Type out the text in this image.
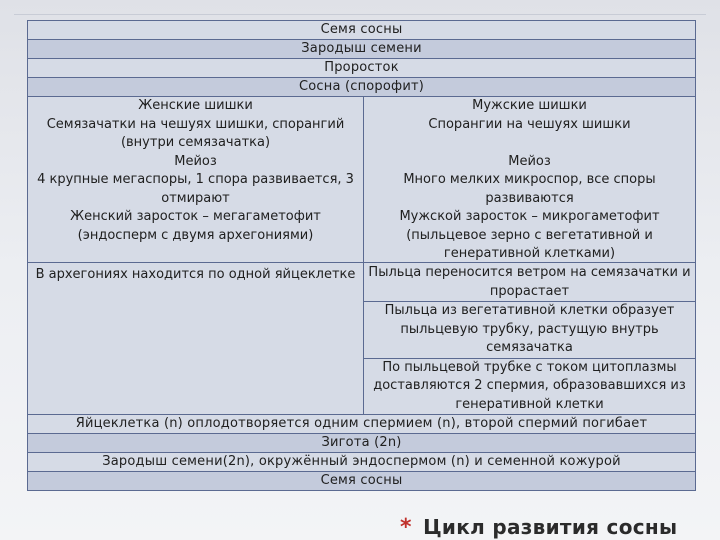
Семя сосны
Зародыш семени
Проросток
Сосна (спорофит)
Женские шишки
Семязачатки на чешуях шишки, спорангий (внутри семязачатка)
Мейоз
4 крупные мегаспоры, 1 спора развивается, 3 отмирают
Женский заросток – мегагаметофит (эндосперм с двумя архегониями)
В архегониях находится по одной яйцеклетке
Мужские шишки
Спорангии на чешуях шишки
Мейоз
Много мелких микроспор, все споры развиваются
Мужской заросток – микрогаметофит (пыльцевое зерно с вегетативной и генеративной клетками)
Пыльца переносится ветром на семязачатки и прорастает
Пыльца из вегетативной клетки образует пыльцевую трубку, растущую внутрь семязачатка
По пыльцевой трубке с током цитоплазмы доставляются 2 спермия, образовавшихся из генеративной клетки
Яйцеклетка (n) оплодотворяется одним спермием (n), второй спермий погибает
Зигота (2n)
Зародыш семени(2n), окружённый эндоспермом (n) и семенной кожурой
Семя сосны
* Цикл развития сосны
